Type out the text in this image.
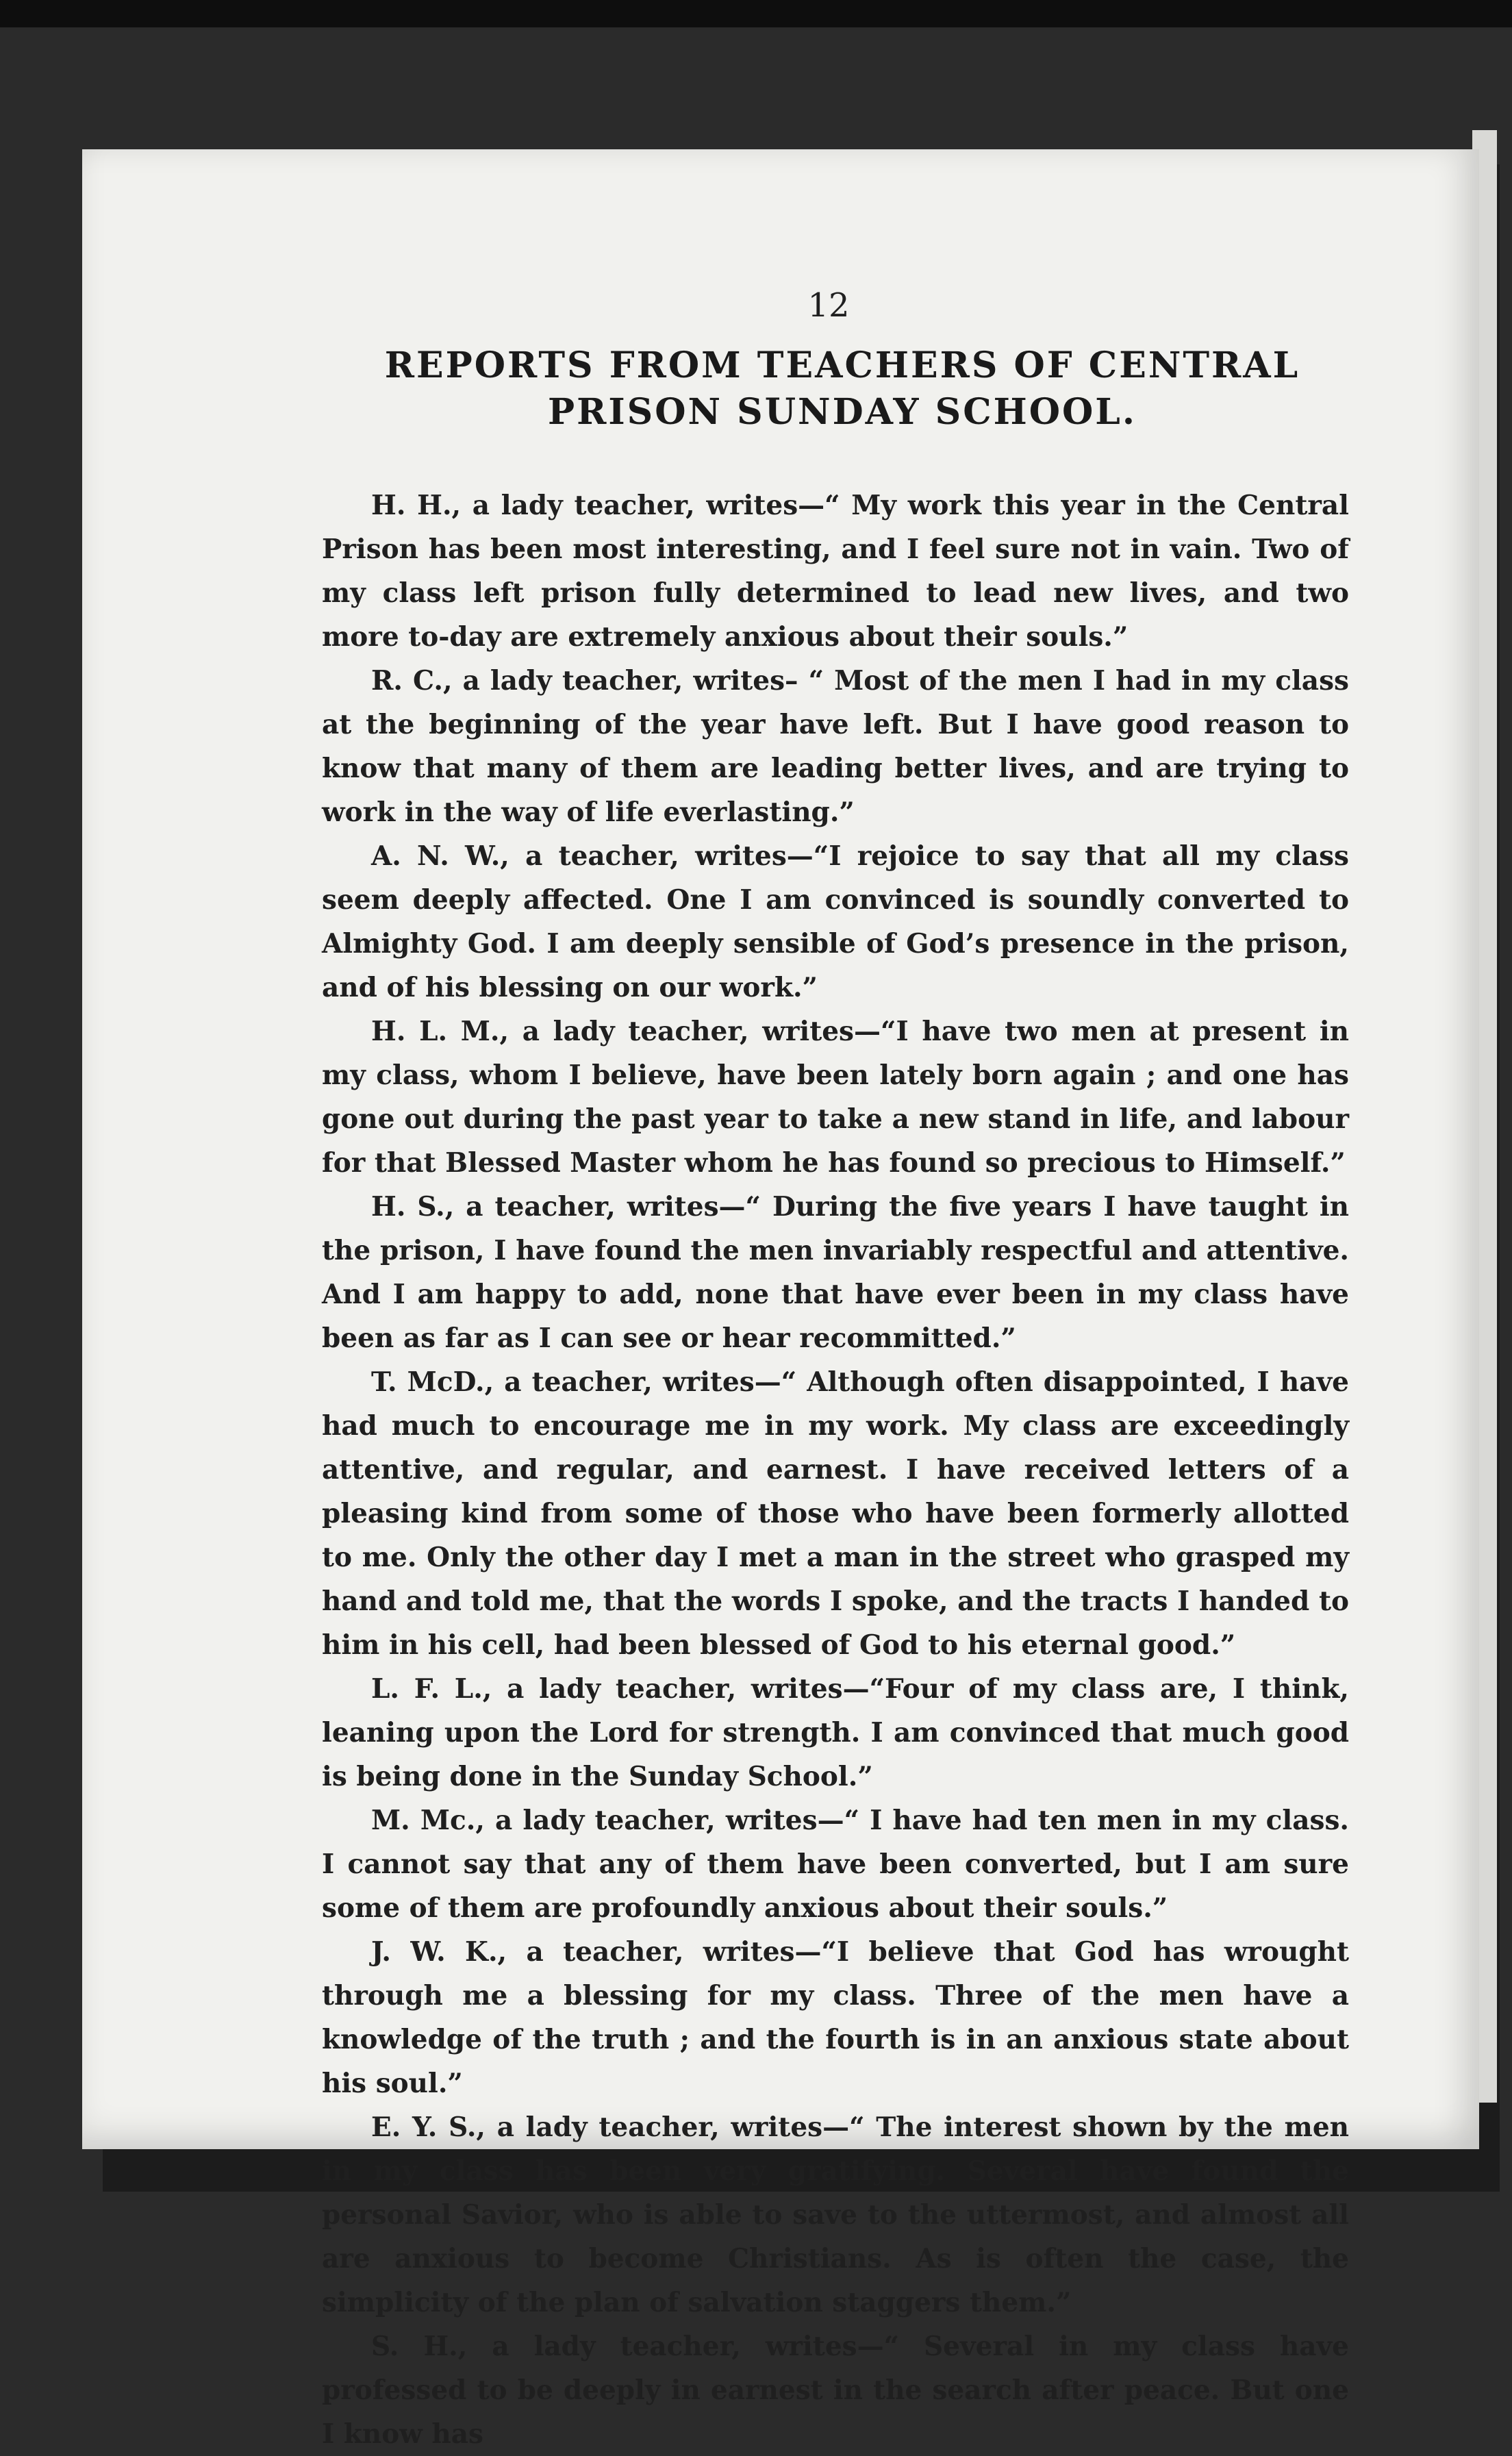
12

REPORTS FROM TEACHERS OF CENTRAL
PRISON SUNDAY SCHOOL.

H. H., a lady teacher, writes—“ My work this year in the Central Prison has been most interesting, and I feel sure not in vain. Two of my class left prison fully determined to lead new lives, and two more to-day are extremely anxious about their souls.”

R. C., a lady teacher, writes– “ Most of the men I had in my class at the beginning of the year have left. But I have good reason to know that many of them are leading better lives, and are trying to work in the way of life everlasting.”

A. N. W., a teacher, writes—“I rejoice to say that all my class seem deeply affected. One I am convinced is soundly converted to Almighty God. I am deeply sensible of God’s presence in the prison, and of his blessing on our work.”

H. L. M., a lady teacher, writes—“I have two men at present in my class, whom I believe, have been lately born again ; and one has gone out during the past year to take a new stand in life, and labour for that Blessed Master whom he has found so precious to Himself.”

H. S., a teacher, writes—“ During the five years I have taught in the prison, I have found the men invariably respectful and attentive. And I am happy to add, none that have ever been in my class have been as far as I can see or hear recommitted.”

T. McD., a teacher, writes—“ Although often disappointed, I have had much to encourage me in my work. My class are exceedingly attentive, and regular, and earnest. I have received letters of a pleasing kind from some of those who have been formerly allotted to me. Only the other day I met a man in the street who grasped my hand and told me, that the words I spoke, and the tracts I handed to him in his cell, had been blessed of God to his eternal good.”

L. F. L., a lady teacher, writes—“Four of my class are, I think, leaning upon the Lord for strength. I am convinced that much good is being done in the Sunday School.”

M. Mc., a lady teacher, writes—“ I have had ten men in my class. I cannot say that any of them have been converted, but I am sure some of them are profoundly anxious about their souls.”

J. W. K., a teacher, writes—“I believe that God has wrought through me a blessing for my class. Three of the men have a knowledge of the truth ; and the fourth is in an anxious state about his soul.”

E. Y. S., a lady teacher, writes—“ The interest shown by the men in my class has been very gratifying. Several have found the personal Savior, who is able to save to the uttermost, and almost all are anxious to become Christians. As is often the case, the simplicity of the plan of salvation staggers them.”

S. H., a lady teacher, writes—“ Several in my class have professed to be deeply in earnest in the search after peace. But one I know has
